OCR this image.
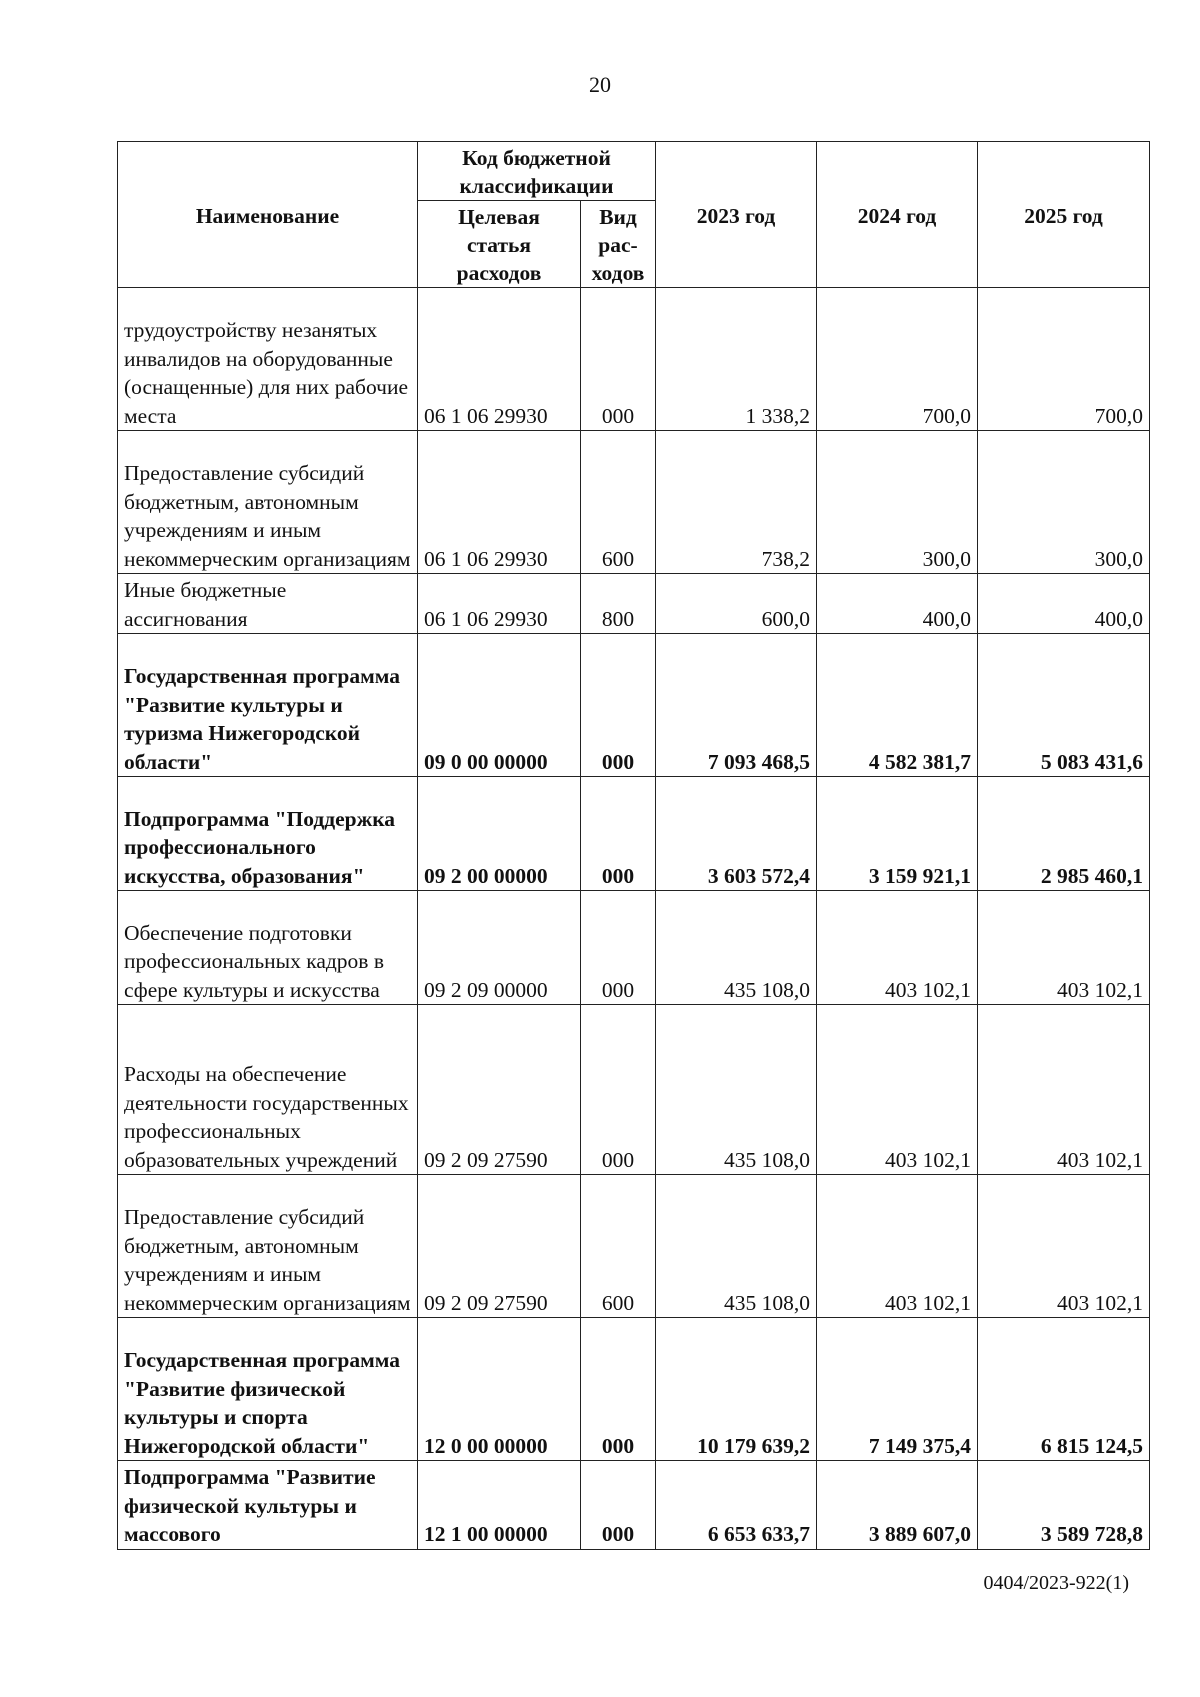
20
Наименование	Код бюджетной классификации		2023 год	2024 год	2025 год
	Целевая статья расходов	Вид рас-ходов			
трудоустройству незанятых инвалидов на оборудованные (оснащенные) для них рабочие места	06 1 06 29930	000	1 338,2	700,0	700,0
Предоставление субсидий бюджетным, автономным учреждениям и иным некоммерческим организациям	06 1 06 29930	600	738,2	300,0	300,0
Иные бюджетные ассигнования	06 1 06 29930	800	600,0	400,0	400,0
Государственная программа "Развитие культуры и туризма Нижегородской области"	09 0 00 00000	000	7 093 468,5	4 582 381,7	5 083 431,6
Подпрограмма "Поддержка профессионального искусства, образования"	09 2 00 00000	000	3 603 572,4	3 159 921,1	2 985 460,1
Обеспечение подготовки профессиональных кадров в сфере культуры и искусства	09 2 09 00000	000	435 108,0	403 102,1	403 102,1
Расходы на обеспечение деятельности государственных профессиональных образовательных учреждений	09 2 09 27590	000	435 108,0	403 102,1	403 102,1
Предоставление субсидий бюджетным, автономным учреждениям и иным некоммерческим организациям	09 2 09 27590	600	435 108,0	403 102,1	403 102,1
Государственная программа "Развитие физической культуры и спорта Нижегородской области"	12 0 00 00000	000	10 179 639,2	7 149 375,4	6 815 124,5
Подпрограмма "Развитие физической культуры и массового	12 1 00 00000	000	6 653 633,7	3 889 607,0	3 589 728,8
0404/2023-922(1)
